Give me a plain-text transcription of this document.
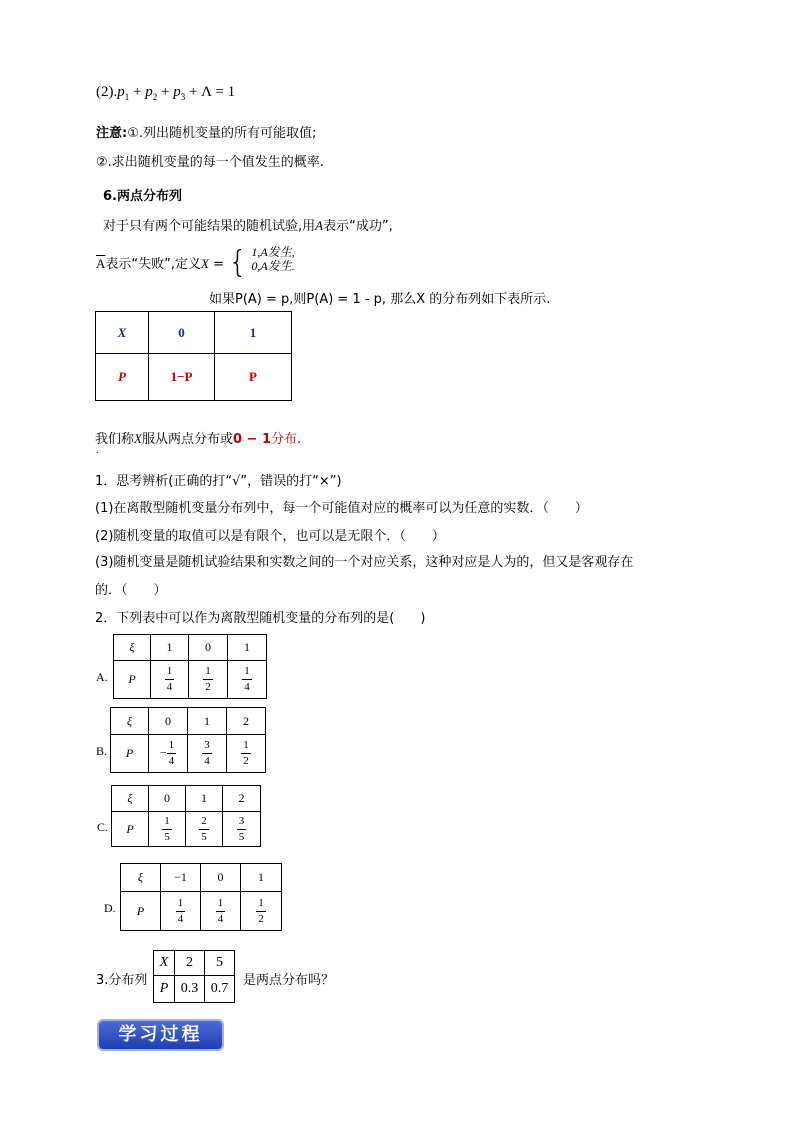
$(2).p_1 + p_2 + p_3 + \Lambda = 1$
注意:①.列出随机变量的所有可能取值;
②.求出随机变量的每一个值发生的概率.
6.两点分布列
对于只有两个可能结果的随机试验,用A表示“成功”,
$\overline{A}$表示“失败”,定义X = { 1,A发生,
0,A发生.
如果P(A) = p,则P(A) = 1 - p, 那么X 的分布列如下表所示.
X	0	1
P	1−P	P
我们称X服从两点分布或0 − 1分布.
.
1．思考辨析(正确的打“√”，错误的打“×”)
(1)在离散型随机变量分布列中，每一个可能值对应的概率可以为任意的实数．（　　）
(2)随机变量的取值可以是有限个，也可以是无限个．（　　）
(3)随机变量是随机试验结果和实数之间的一个对应关系，这种对应是人为的，但又是客观存在
的．（　　）
2．下列表中可以作为离散型随机变量的分布列的是(　　)
A.
ξ	1	0	1
P	$\frac{1}{4}$	$\frac{1}{2}$	$\frac{1}{4}$
B.
ξ	0	1	2
P	− $\frac{1}{4}$	$\frac{3}{4}$	$\frac{1}{2}$
C.
ξ	0	1	2
P	$\frac{1}{5}$	$\frac{2}{5}$	$\frac{3}{5}$
D.
ξ	−1	0	1
P	$\frac{1}{4}$	$\frac{1}{4}$	$\frac{1}{2}$
3.分布列
X	2	5
P	0.3	0.7
是两点分布吗？
学习过程
